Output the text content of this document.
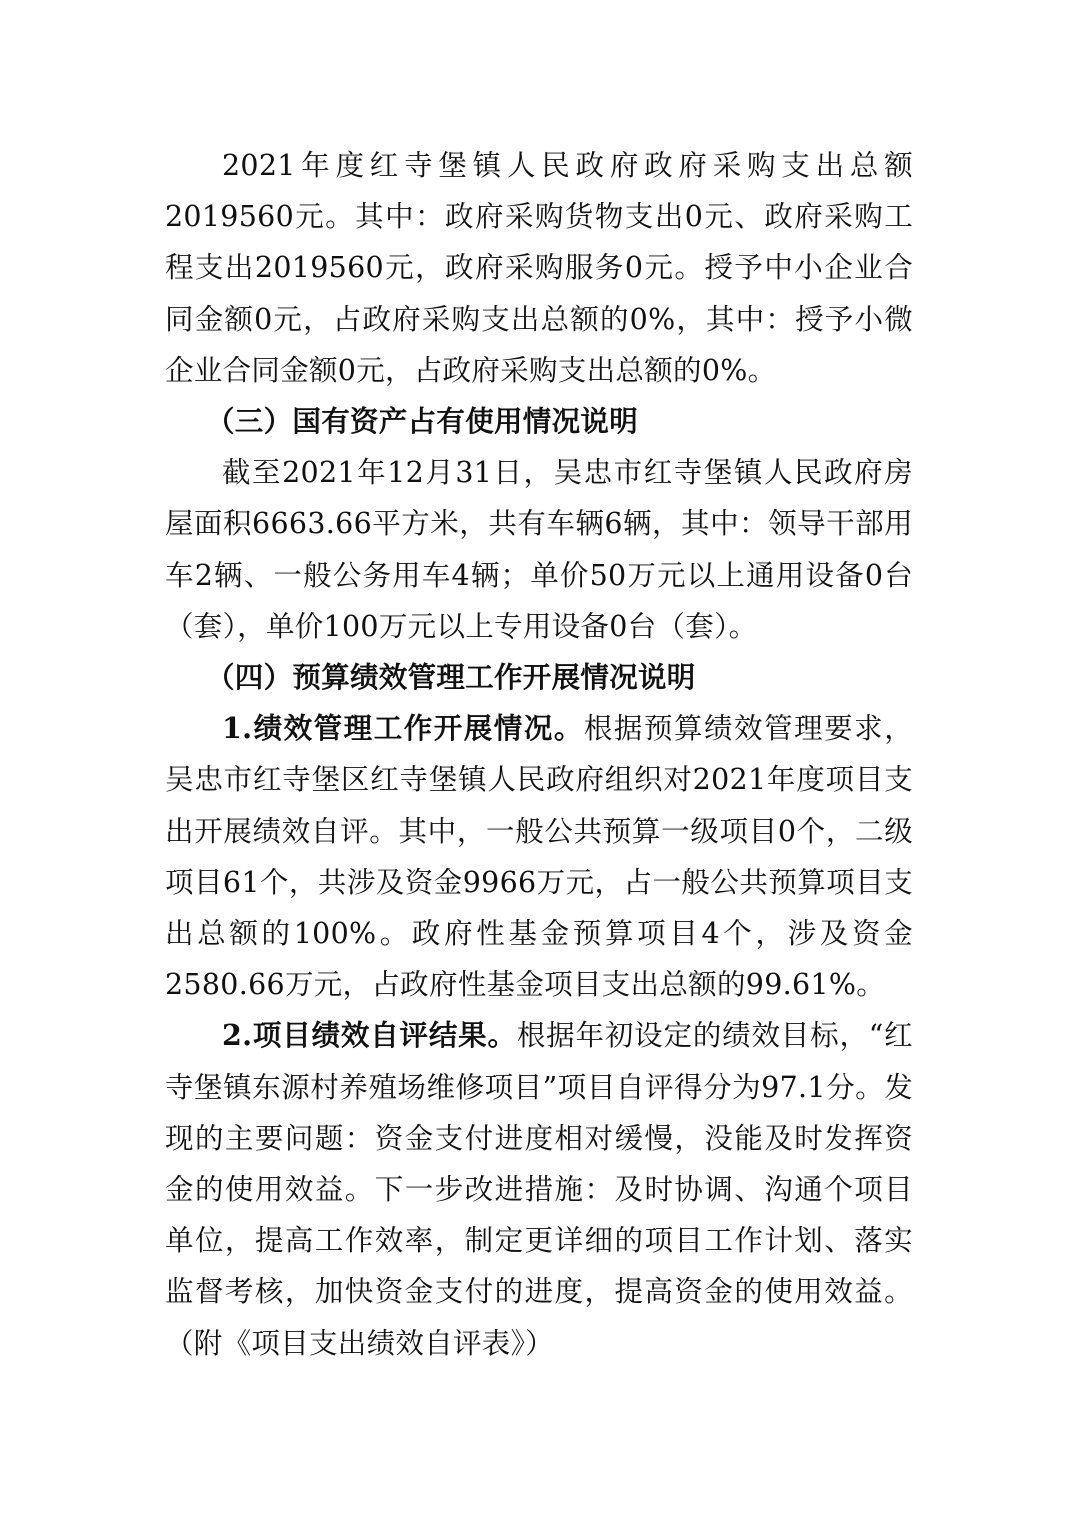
2021年度红寺堡镇人民政府政府采购支出总额2019560元。其中：政府采购货物支出0元、政府采购工程支出2019560元，政府采购服务0元。授予中小企业合同金额0元，占政府采购支出总额的0%，其中：授予小微企业合同金额0元，占政府采购支出总额的0%。

（三）国有资产占有使用情况说明

截至2021年12月31日，吴忠市红寺堡镇人民政府房屋面积6663.66平方米，共有车辆6辆，其中：领导干部用车2辆、一般公务用车4辆；单价50万元以上通用设备0台（套），单价100万元以上专用设备0台（套）。

（四）预算绩效管理工作开展情况说明

1.绩效管理工作开展情况。根据预算绩效管理要求，吴忠市红寺堡区红寺堡镇人民政府组织对2021年度项目支出开展绩效自评。其中，一般公共预算一级项目0个，二级项目61个，共涉及资金9966万元，占一般公共预算项目支出总额的100%。政府性基金预算项目4个，涉及资金2580.66万元，占政府性基金项目支出总额的99.61%。

2.项目绩效自评结果。根据年初设定的绩效目标，“红寺堡镇东源村养殖场维修项目”项目自评得分为97.1分。发现的主要问题：资金支付进度相对缓慢，没能及时发挥资金的使用效益。下一步改进措施：及时协调、沟通个项目单位，提高工作效率，制定更详细的项目工作计划、落实监督考核，加快资金支付的进度，提高资金的使用效益。（附《项目支出绩效自评表》）
